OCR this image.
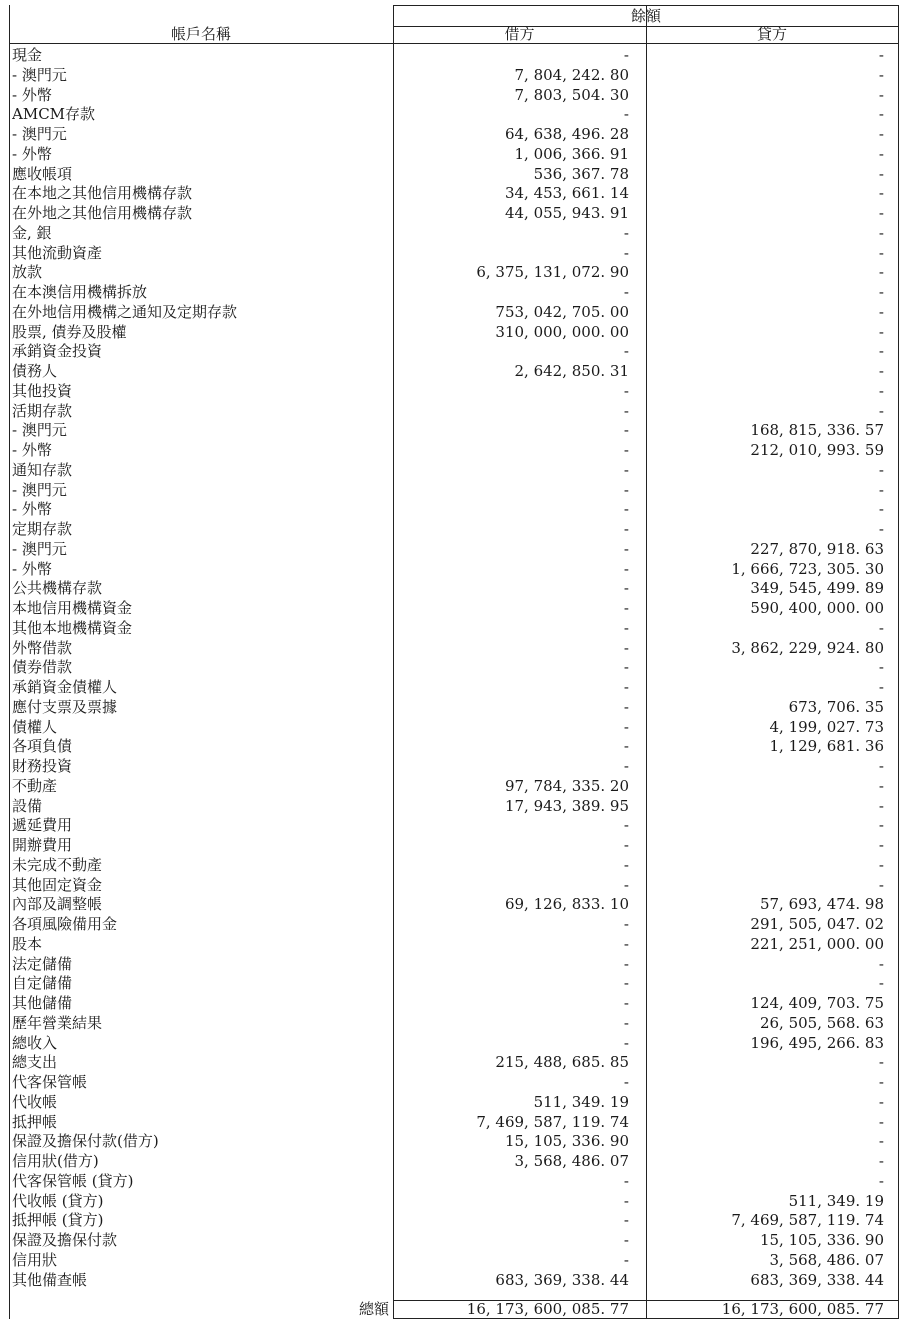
餘額
帳戶名稱	借方	貸方
現金	-	-
- 澳門元	7, 804, 242. 80	-
- 外幣	7, 803, 504. 30	-
AMCM存款	-	-
- 澳門元	64, 638, 496. 28	-
- 外幣	1, 006, 366. 91	-
應收帳項	536, 367. 78	-
在本地之其他信用機構存款	34, 453, 661. 14	-
在外地之其他信用機構存款	44, 055, 943. 91	-
金, 銀	-	-
其他流動資產	-	-
放款	6, 375, 131, 072. 90	-
在本澳信用機構拆放	-	-
在外地信用機構之通知及定期存款	753, 042, 705. 00	-
股票, 債券及股權	310, 000, 000. 00	-
承銷資金投資	-	-
債務人	2, 642, 850. 31	-
其他投資	-	-
活期存款	-	-
- 澳門元	-	168, 815, 336. 57
- 外幣	-	212, 010, 993. 59
通知存款	-	-
- 澳門元	-	-
- 外幣	-	-
定期存款	-	-
- 澳門元	-	227, 870, 918. 63
- 外幣	-	1, 666, 723, 305. 30
公共機構存款	-	349, 545, 499. 89
本地信用機構資金	-	590, 400, 000. 00
其他本地機構資金	-	-
外幣借款	-	3, 862, 229, 924. 80
債券借款	-	-
承銷資金債權人	-	-
應付支票及票據	-	673, 706. 35
債權人	-	4, 199, 027. 73
各項負債	-	1, 129, 681. 36
財務投資	-	-
不動產	97, 784, 335. 20	-
設備	17, 943, 389. 95	-
遞延費用	-	-
開辦費用	-	-
未完成不動產	-	-
其他固定資金	-	-
內部及調整帳	69, 126, 833. 10	57, 693, 474. 98
各項風險備用金	-	291, 505, 047. 02
股本	-	221, 251, 000. 00
法定儲備	-	-
自定儲備	-	-
其他儲備	-	124, 409, 703. 75
歷年營業結果	-	26, 505, 568. 63
總收入	-	196, 495, 266. 83
總支出	215, 488, 685. 85	-
代客保管帳	-	-
代收帳	511, 349. 19	-
抵押帳	7, 469, 587, 119. 74	-
保證及擔保付款(借方)	15, 105, 336. 90	-
信用狀(借方)	3, 568, 486. 07	-
代客保管帳 (貸方)	-	-
代收帳 (貸方)	-	511, 349. 19
抵押帳 (貸方)	-	7, 469, 587, 119. 74
保證及擔保付款	-	15, 105, 336. 90
信用狀	-	3, 568, 486. 07
其他備查帳	683, 369, 338. 44	683, 369, 338. 44
總額	16, 173, 600, 085. 77	16, 173, 600, 085. 77
